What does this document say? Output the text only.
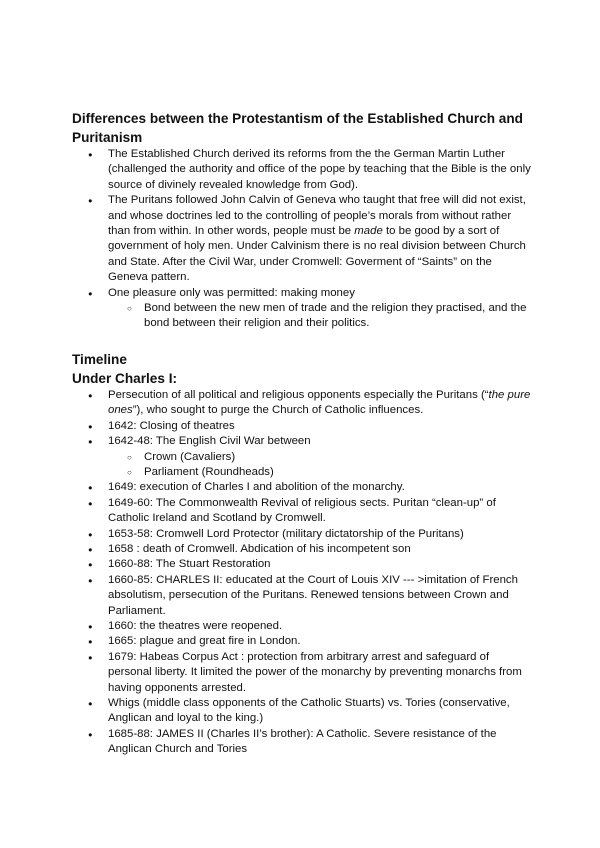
Differences between the Protestantism of the Established Church and Puritanism
● The Established Church derived its reforms from the the German Martin Luther (challenged the authority and office of the pope by teaching that the Bible is the only source of divinely revealed knowledge from God).
● The Puritans followed John Calvin of Geneva who taught that free will did not exist, and whose doctrines led to the controlling of people’s morals from without rather than from within. In other words, people must be made to be good by a sort of government of holy men. Under Calvinism there is no real division between Church and State. After the Civil War, under Cromwell: Goverment of “Saints” on the Geneva pattern.
● One pleasure only was permitted: making money
○ Bond between the new men of trade and the religion they practised, and the bond between their religion and their politics.
Timeline
Under Charles I:
● Persecution of all political and religious opponents especially the Puritans (“the pure ones”), who sought to purge the Church of Catholic influences.
● 1642: Closing of theatres
● 1642-48: The English Civil War between
○ Crown (Cavaliers)
○ Parliament (Roundheads)
● 1649: execution of Charles I and abolition of the monarchy.
● 1649-60: The Commonwealth Revival of religious sects. Puritan “clean-up” of Catholic Ireland and Scotland by Cromwell.
● 1653-58: Cromwell Lord Protector (military dictatorship of the Puritans)
● 1658 : death of Cromwell. Abdication of his incompetent son
● 1660-88: The Stuart Restoration
● 1660-85: CHARLES II: educated at the Court of Louis XIV --- >imitation of French absolutism, persecution of the Puritans. Renewed tensions between Crown and Parliament.
● 1660: the theatres were reopened.
● 1665: plague and great fire in London.
● 1679: Habeas Corpus Act : protection from arbitrary arrest and safeguard of personal liberty. It limited the power of the monarchy by preventing monarchs from having opponents arrested.
● Whigs (middle class opponents of the Catholic Stuarts) vs. Tories (conservative, Anglican and loyal to the king.)
● 1685-88: JAMES II (Charles II’s brother): A Catholic. Severe resistance of the Anglican Church and Tories
